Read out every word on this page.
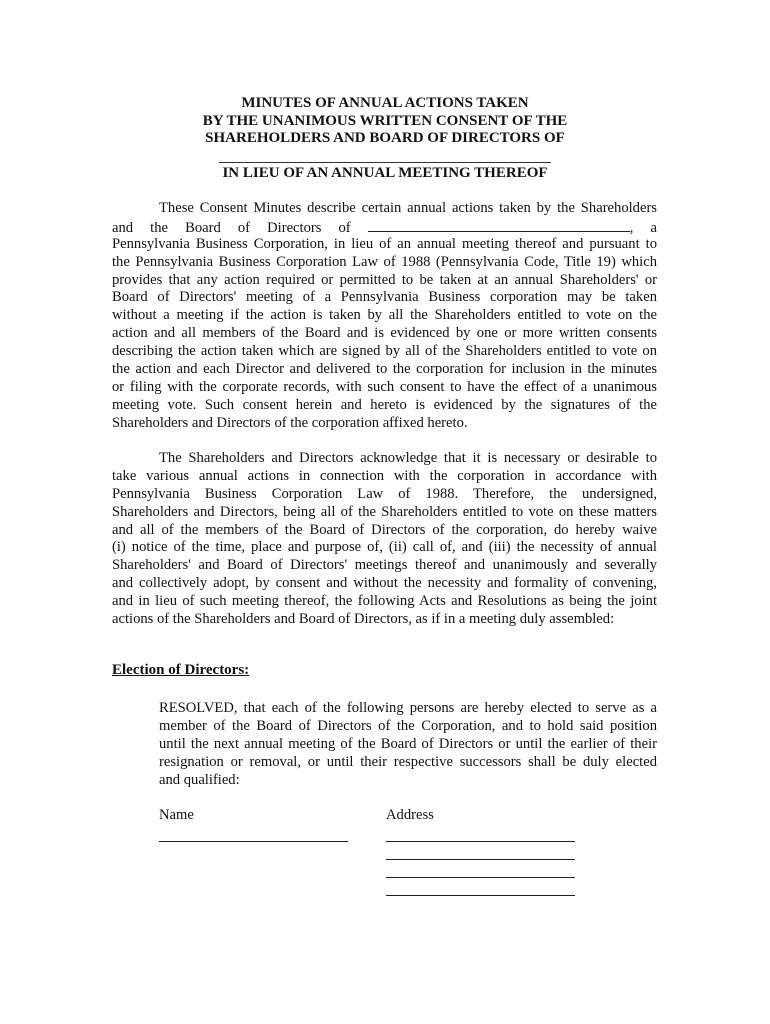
MINUTES OF ANNUAL ACTIONS TAKEN
BY THE UNANIMOUS WRITTEN CONSENT OF THE
SHAREHOLDERS AND BOARD OF DIRECTORS OF
IN LIEU OF AN ANNUAL MEETING THEREOF
These Consent Minutes describe certain annual actions taken by the Shareholders
and the Board of Directors of	, a
Pennsylvania Business Corporation, in lieu of an annual meeting thereof and pursuant to
the Pennsylvania Business Corporation Law of 1988 (Pennsylvania Code, Title 19) which
provides that any action required or permitted to be taken at an annual Shareholders' or
Board of Directors' meeting of a Pennsylvania Business corporation may be taken
without a meeting if the action is taken by all the Shareholders entitled to vote on the
action and all members of the Board and is evidenced by one or more written consents
describing the action taken which are signed by all of the Shareholders entitled to vote on
the action and each Director and delivered to the corporation for inclusion in the minutes
or filing with the corporate records, with such consent to have the effect of a unanimous
meeting vote. Such consent herein and hereto is evidenced by the signatures of the
Shareholders and Directors of the corporation affixed hereto.
The Shareholders and Directors acknowledge that it is necessary or desirable to
take various annual actions in connection with the corporation in accordance with
Pennsylvania Business Corporation Law of 1988. Therefore, the undersigned,
Shareholders and Directors, being all of the Shareholders entitled to vote on these matters
and all of the members of the Board of Directors of the corporation, do hereby waive
(i) notice of the time, place and purpose of, (ii) call of, and (iii) the necessity of annual
Shareholders' and Board of Directors' meetings thereof and unanimously and severally
and collectively adopt, by consent and without the necessity and formality of convening,
and in lieu of such meeting thereof, the following Acts and Resolutions as being the joint
actions of the Shareholders and Board of Directors, as if in a meeting duly assembled:
Election of Directors:
RESOLVED, that each of the following persons are hereby elected to serve as a
member of the Board of Directors of the Corporation, and to hold said position
until the next annual meeting of the Board of Directors or until the earlier of their
resignation or removal, or until their respective successors shall be duly elected
and qualified:
Name	Address
